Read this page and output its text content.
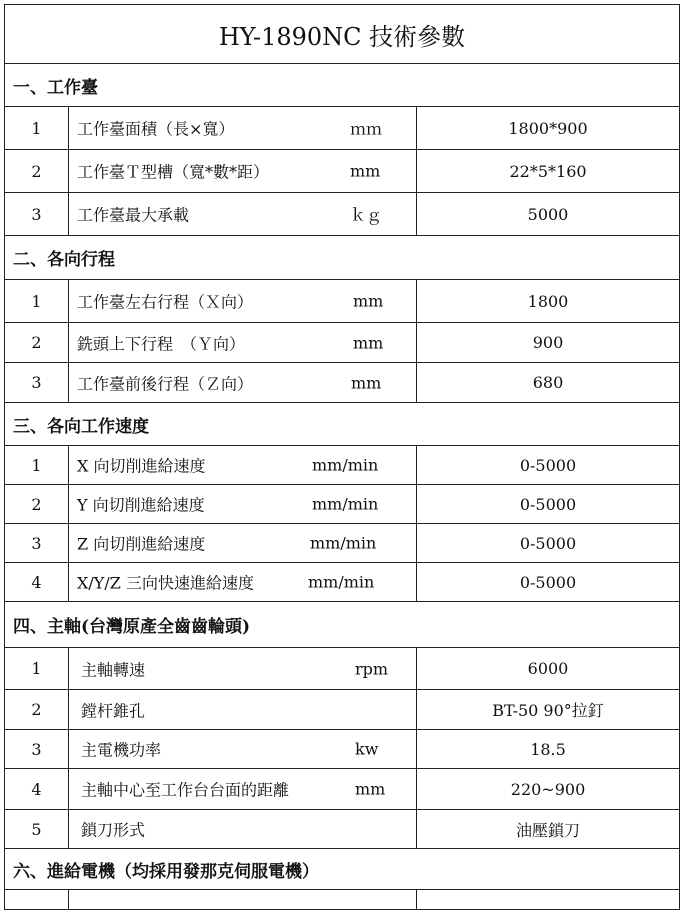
HY-1890NC 技術參數		
一、工作臺		
1	工作臺面積（長×寬） ｍｍ	1800*900
2	工作臺Ｔ型槽（寬*數*距） mm	22*5*160
3	工作臺最大承載 ｋｇ	5000
二、各向行程		
1	工作臺左右行程（Ｘ向） mm	1800
2	銑頭上下行程　（Ｙ向） mm	900
3	工作臺前後行程（Ｚ向） mm	680
三、各向工作速度		
1	X 向切削進給速度 mm/min	0-5000
2	Y 向切削進給速度 mm/min	0-5000
3	Z 向切削進給速度 mm/min	0-5000
4	X/Y/Z 三向快速進給速度 mm/min	0-5000
四、主軸(台灣原產全齒齒輪頭)		
1	主軸轉速 rpm	6000
2	鏜杆錐孔	BT-50 90°拉釘
3	主電機功率 kw	18.5
4	主軸中心至工作台台面的距離 mm	220~900
5	鎖刀形式	油壓鎖刀
六、進給電機（均採用發那克伺服電機）		
